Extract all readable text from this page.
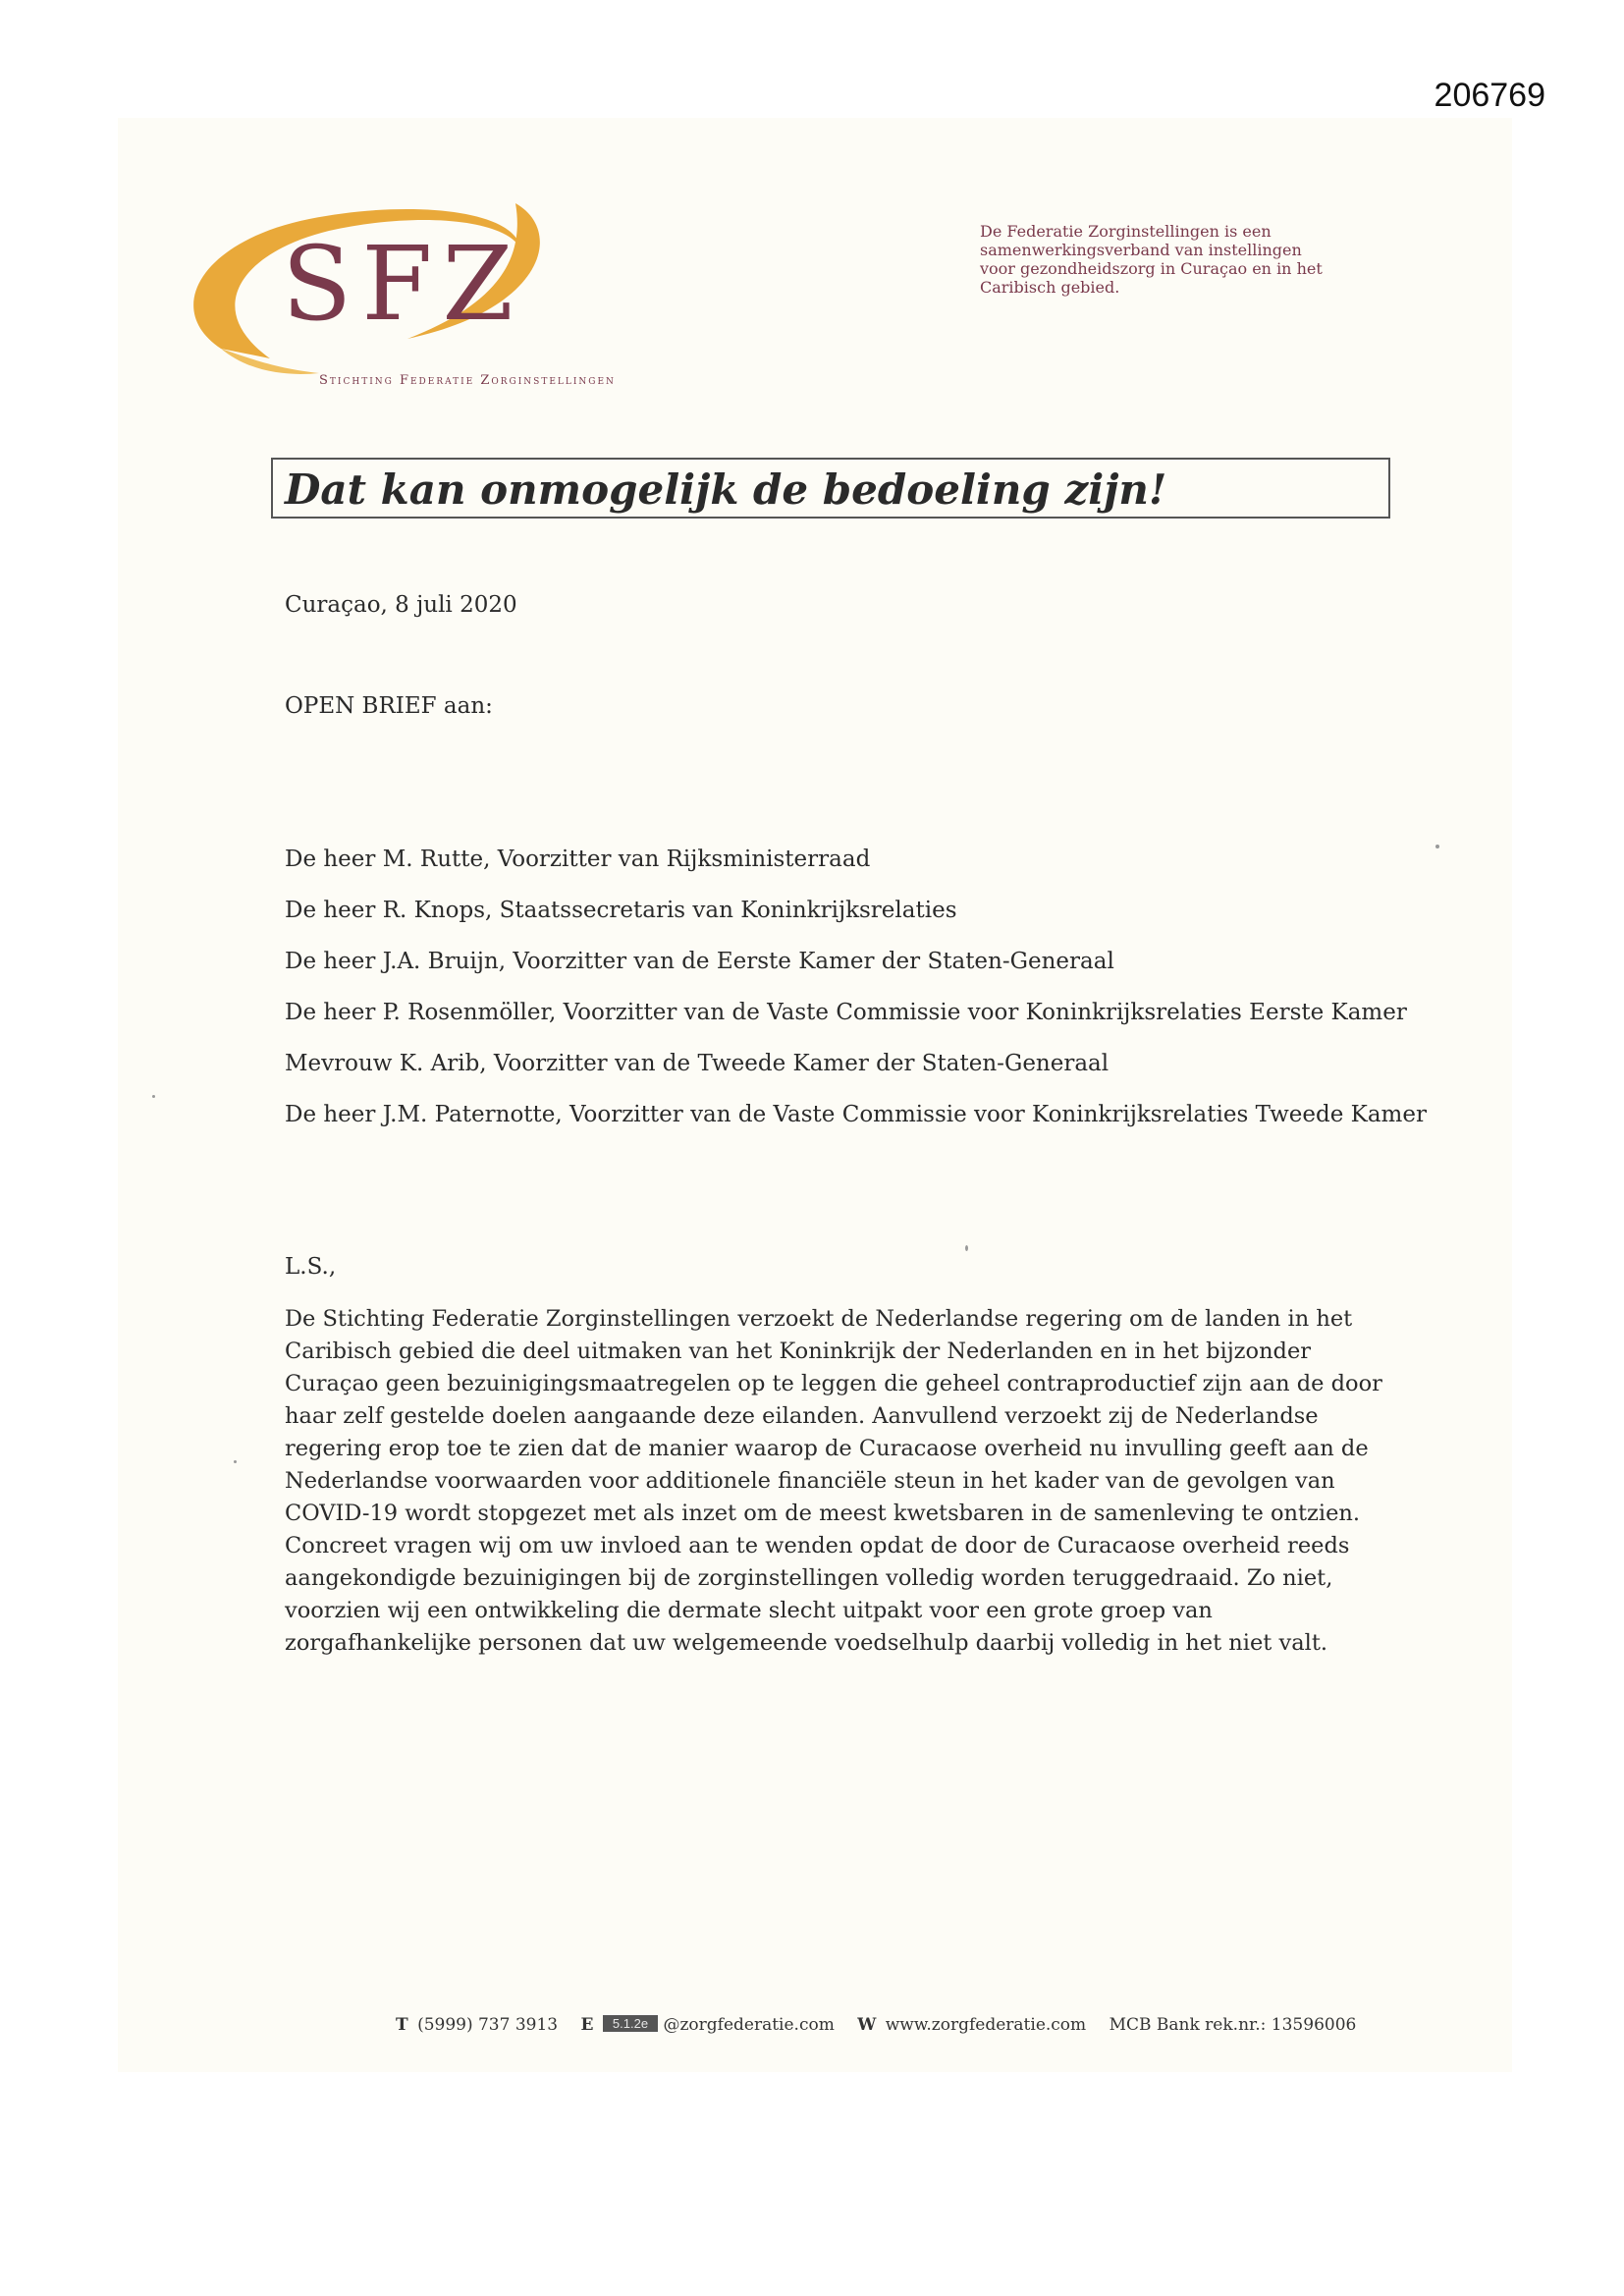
206769
SFZ
Stichting Federatie Zorginstellingen
De Federatie Zorginstellingen is een samenwerkingsverband van instellingen voor gezondheidszorg in Curaçao en in het Caribisch gebied.
Dat kan onmogelijk de bedoeling zijn!
Curaçao, 8 juli 2020
OPEN BRIEF aan:
De heer M. Rutte, Voorzitter van Rijksministerraad
De heer R. Knops, Staatssecretaris van Koninkrijksrelaties
De heer J.A. Bruijn, Voorzitter van de Eerste Kamer der Staten-Generaal
De heer P. Rosenmöller, Voorzitter van de Vaste Commissie voor Koninkrijksrelaties Eerste Kamer
Mevrouw K. Arib, Voorzitter van de Tweede Kamer der Staten-Generaal
De heer J.M. Paternotte, Voorzitter van de Vaste Commissie voor Koninkrijksrelaties Tweede Kamer
L.S.,

De Stichting Federatie Zorginstellingen verzoekt de Nederlandse regering om de landen in het Caribisch gebied die deel uitmaken van het Koninkrijk der Nederlanden en in het bijzonder Curaçao geen bezuinigingsmaatregelen op te leggen die geheel contraproductief zijn aan de door haar zelf gestelde doelen aangaande deze eilanden. Aanvullend verzoekt zij de Nederlandse regering erop toe te zien dat de manier waarop de Curacaose overheid nu invulling geeft aan de Nederlandse voorwaarden voor additionele financiële steun in het kader van de gevolgen van COVID-19 wordt stopgezet met als inzet om de meest kwetsbaren in de samenleving te ontzien. Concreet vragen wij om uw invloed aan te wenden opdat de door de Curacaose overheid reeds aangekondigde bezuinigingen bij de zorginstellingen volledig worden teruggedraaid. Zo niet, voorzien wij een ontwikkeling die dermate slecht uitpakt voor een grote groep van zorgafhankelijke personen dat uw welgemeende voedselhulp daarbij volledig in het niet valt.

T (5999) 737 3913 E 5.1.2e @zorgfederatie.com W www.zorgfederatie.com MCB Bank rek.nr.: 13596006
